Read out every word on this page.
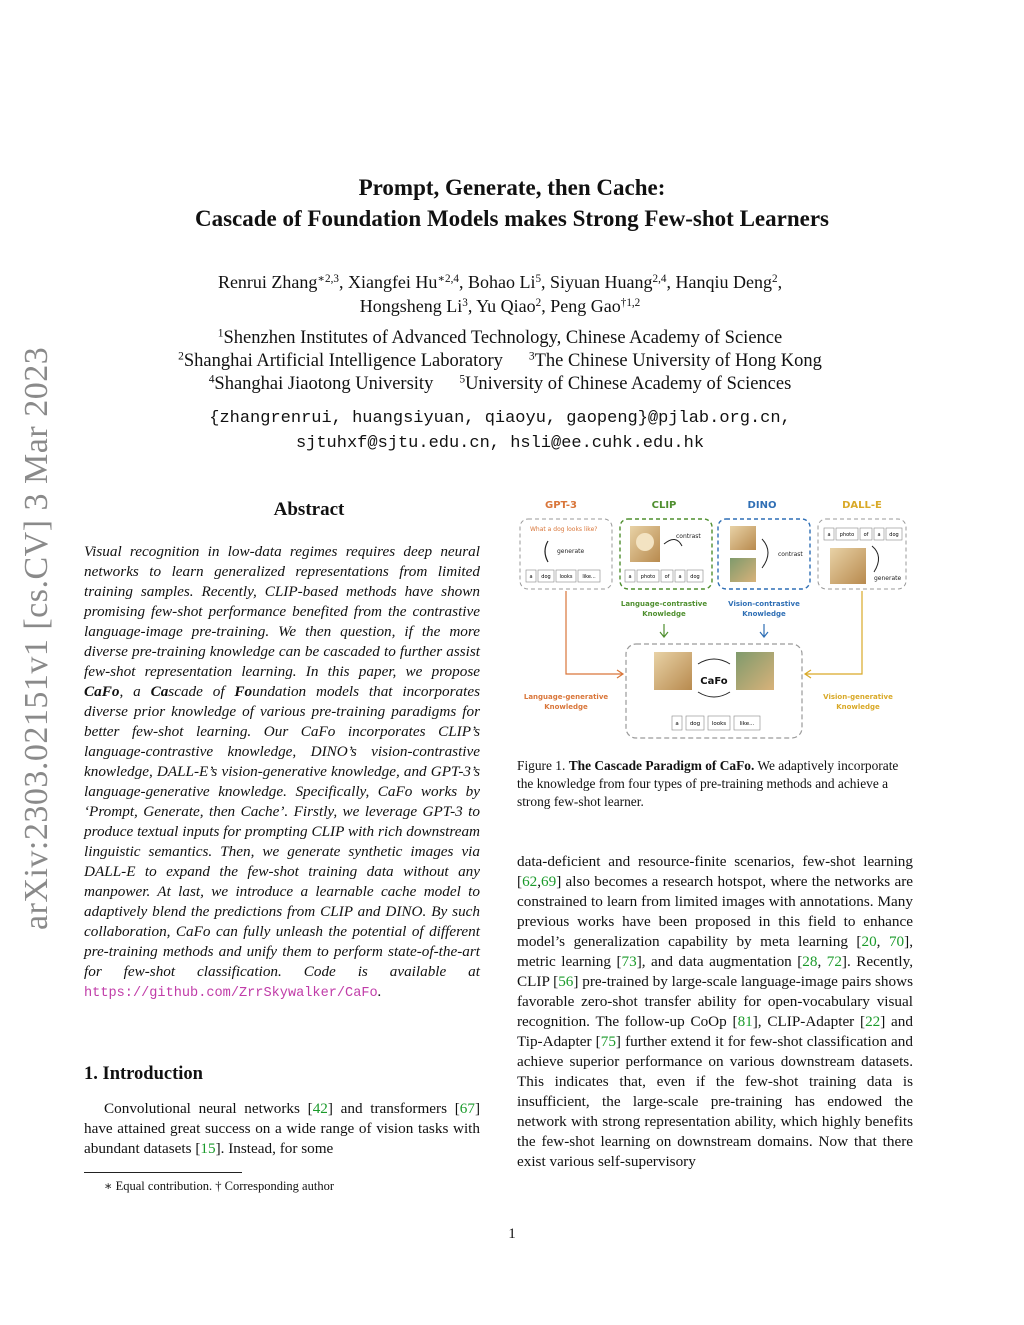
arXiv:2303.02151v1 [cs.CV] 3 Mar 2023
Prompt, Generate, then Cache:
Cascade of Foundation Models makes Strong Few-shot Learners
Renrui Zhang$^{∗2,3}$, Xiangfei $Hu^{∗2,4}$, Bohao Li$^5$, Siyuan Huang$^{2,4}$, Hanqiu Deng$^2$,
Hongsheng Li$^3$, Yu Qiao$^2$, Peng Gao$^{\dagger 1,2}$
$^1$Shenzhen Institutes of Advanced Technology, Chinese Academy of Science
$^2$Shanghai Artificial Intelligence Laboratory $^3$The Chinese University of Hong Kong
$^4$Shanghai Jiaotong University $^5$University of Chinese Academy of Sciences
{zhangrenrui, huangsiyuan, qiaoyu, gaopeng}@pjlab.org.cn,
sjtuhxf@sjtu.edu.cn, hsli@ee.cuhk.edu.hk
Abstract
Visual recognition in low-data regimes requires deep neural networks to learn generalized representations from limited training samples. Recently, CLIP-based methods have shown promising few-shot performance benefited from the contrastive language-image pre-training. We then question, if the more diverse pre-training knowledge can be cascaded to further assist few-shot representation learning. In this paper, we propose CaFo, a Cascade of Foundation models that incorporates diverse prior knowledge of various pre-training paradigms for better few-shot learning. Our CaFo incorporates CLIP’s language-contrastive knowledge, DINO’s vision-contrastive knowledge, DALL-E’s vision-generative knowledge, and GPT-3’s language-generative knowledge. Specifically, CaFo works by ‘Prompt, Generate, then Cache’. Firstly, we leverage GPT-3 to produce textual inputs for prompting CLIP with rich downstream linguistic semantics. Then, we generate synthetic images via DALL-E to expand the few-shot training data without any manpower. At last, we introduce a learnable cache model to adaptively blend the predictions from CLIP and DINO. By such collaboration, CaFo can fully unleash the potential of different pre-training methods and unify them to perform state-of-the-art for few-shot classification. Code is available at https://github.com/ZrrSkywalker/CaFo.
1. Introduction
Convolutional neural networks [42] and transformers [67] have attained great success on a wide range of vision tasks with abundant datasets [15]. Instead, for some
∗ Equal contribution. † Corresponding author
GPT-3	CLIP	DINO	DALL-E
What a dog looks like?
generate
a dog looks like...
contrast
a photo of a dog
contrast
a photo of a dog
generate
Language-contrastive
Knowledge
Vision-contrastive
Knowledge
Language-generative
Knowledge
Vision-generative
Knowledge
CaFo
a dog looks like...
Figure 1. The Cascade Paradigm of CaFo. We adaptively incorporate the knowledge from four types of pre-training methods and achieve a strong few-shot learner.
data-deficient and resource-finite scenarios, few-shot learning [62,69] also becomes a research hotspot, where the networks are constrained to learn from limited images with annotations. Many previous works have been proposed in this field to enhance model’s generalization capability by meta learning [20, 70], metric learning [73], and data augmentation [28, 72]. Recently, CLIP [56] pre-trained by large-scale language-image pairs shows favorable zero-shot transfer ability for open-vocabulary visual recognition. The follow-up CoOp [81], CLIP-Adapter [22] and Tip-Adapter [75] further extend it for few-shot classification and achieve superior performance on various downstream datasets. This indicates that, even if the few-shot training data is insufficient, the large-scale pre-training has endowed the network with strong representation ability, which highly benefits the few-shot learning on downstream domains. Now that there exist various self-supervisory
1
